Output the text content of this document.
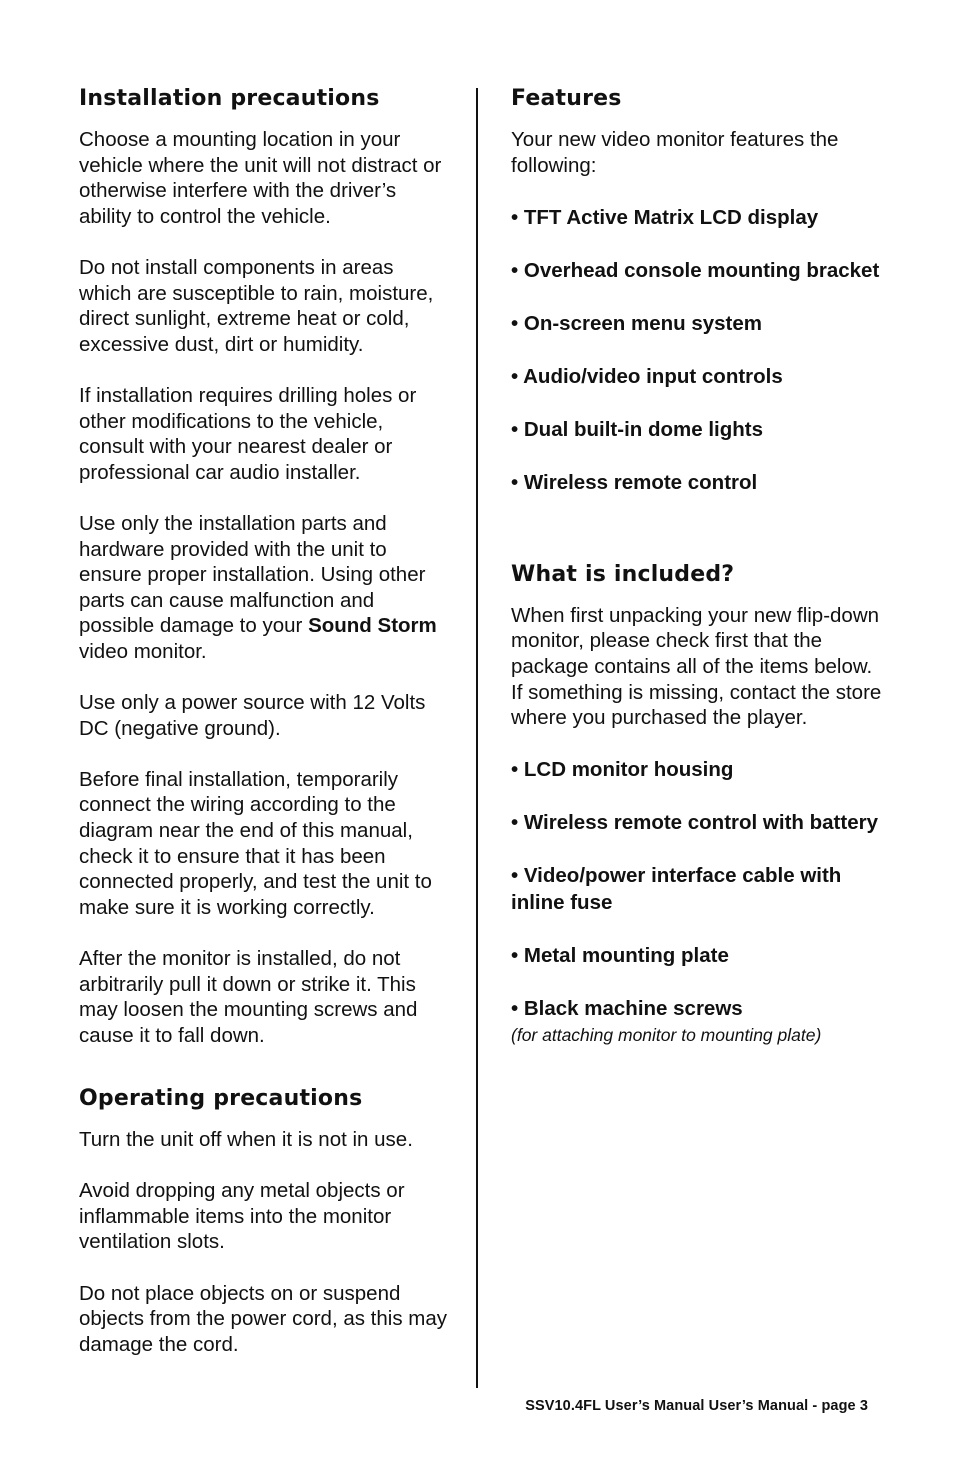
Installation precautions

Choose a mounting location in your vehicle where the unit will not distract or otherwise interfere with the driver’s ability to control the vehicle.

Do not install components in areas which are susceptible to rain, moisture, direct sunlight, extreme heat or cold, excessive dust, dirt or humidity.

If installation requires drilling holes or other modifications to the vehicle, consult with your nearest dealer or professional car audio installer.

Use only the installation parts and hardware provided with the unit to ensure proper installation. Using other parts can cause malfunction and possible damage to your Sound Storm video monitor.

Use only a power source with 12 Volts DC (negative ground).

Before final installation, temporarily connect the wiring according to the diagram near the end of this manual, check it to ensure that it has been connected properly, and test the unit to make sure it is working correctly.

After the monitor is installed, do not arbitrarily pull it down or strike it. This may loosen the mounting screws and cause it to fall down.

Operating precautions

Turn the unit off when it is not in use.

Avoid dropping any metal objects or inflammable items into the monitor ventilation slots.

Do not place objects on or suspend objects from the power cord, as this may damage the cord.

Features

Your new video monitor features the following:

• TFT Active Matrix LCD display
• Overhead console mounting bracket
• On-screen menu system
• Audio/video input controls
• Dual built-in dome lights
• Wireless remote control
What is included?

When first unpacking your new flip-down monitor, please check first that the package contains all of the items below. If something is missing, contact the store where you purchased the player.

• LCD monitor housing
• Wireless remote control with battery
• Video/power interface cable with inline fuse
• Metal mounting plate
• Black machine screws
(for attaching monitor to mounting plate)
SSV10.4FL User’s Manual User’s Manual - page 3
